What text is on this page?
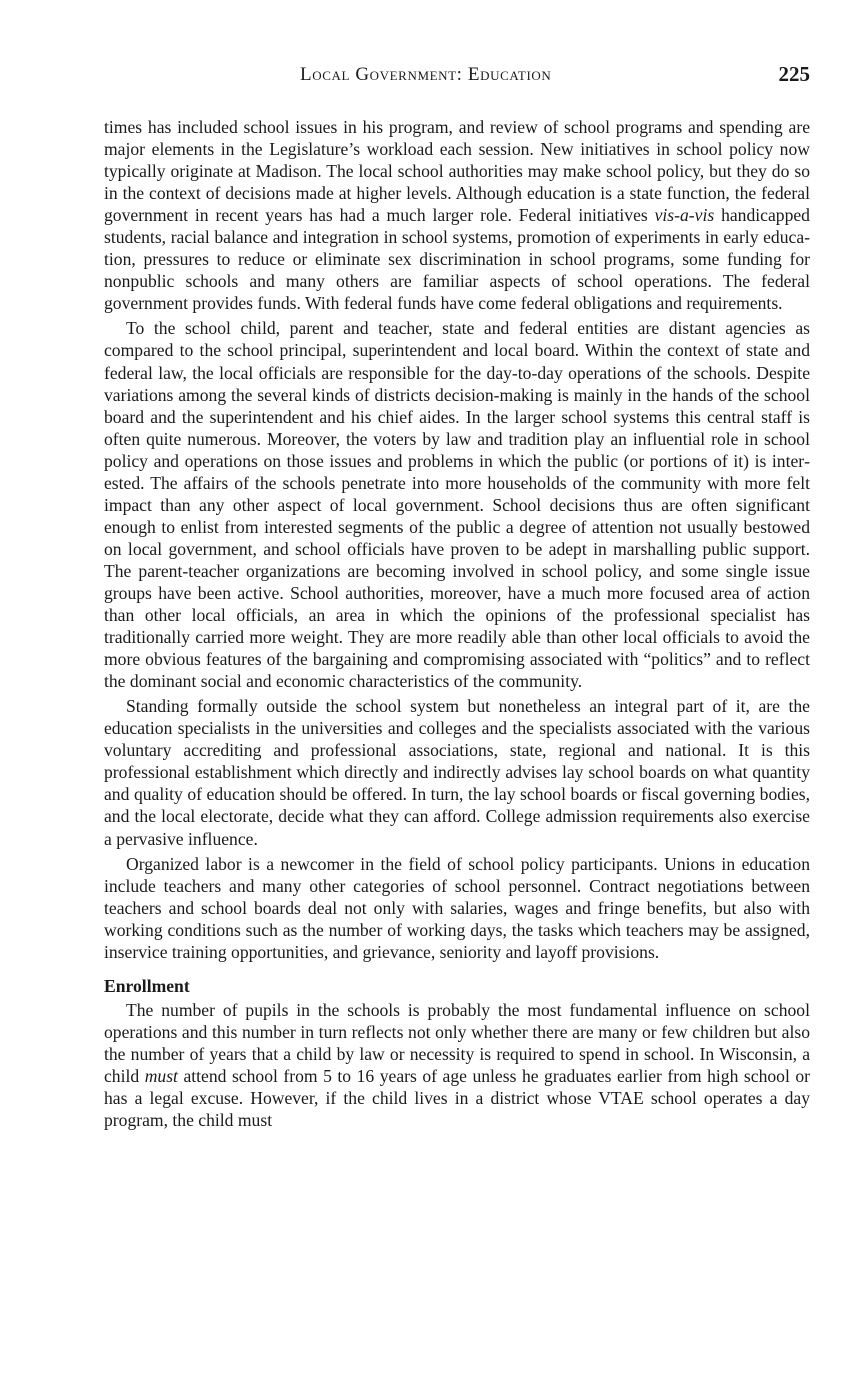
Local Government: Education	225

times has included school issues in his program, and review of school programs and spending are major elements in the Legislature’s workload each session. New initiatives in school policy now typically originate at Madison. The local school authorities may make school policy, but they do so in the context of decisions made at higher levels. Although education is a state function, the federal government in recent years has had a much larger role. Federal initiatives vis-a-vis handicapped students, racial balance and integration in school systems, promotion of experiments in early education, pressures to reduce or eliminate sex discrimination in school programs, some funding for nonpublic schools and many others are familiar aspects of school operations. The federal government provides funds. With federal funds have come federal obligations and requirements.

To the school child, parent and teacher, state and federal entities are distant agencies as compared to the school principal, superintendent and local board. Within the context of state and federal law, the local officials are responsible for the day-to-day operations of the schools. Despite variations among the several kinds of districts decision-making is mainly in the hands of the school board and the superintendent and his chief aides. In the larger school systems this central staff is often quite numerous. Moreover, the voters by law and tradition play an influential role in school policy and operations on those issues and problems in which the public (or portions of it) is interested. The affairs of the schools penetrate into more households of the community with more felt impact than any other aspect of local government. School decisions thus are often significant enough to enlist from interested segments of the public a degree of attention not usually bestowed on local government, and school officials have proven to be adept in marshalling public support. The parent-teacher organizations are becoming involved in school policy, and some single issue groups have been active. School authorities, moreover, have a much more focused area of action than other local officials, an area in which the opinions of the professional specialist has traditionally carried more weight. They are more readily able than other local officials to avoid the more obvious features of the bargaining and compromising associated with “politics” and to reflect the dominant social and economic characteristics of the community.

Standing formally outside the school system but nonetheless an integral part of it, are the education specialists in the universities and colleges and the specialists associated with the various voluntary accrediting and professional associations, state, regional and national. It is this professional establishment which directly and indirectly advises lay school boards on what quantity and quality of education should be offered. In turn, the lay school boards or fiscal governing bodies, and the local electorate, decide what they can afford. College admission requirements also exercise a pervasive influence.

Organized labor is a newcomer in the field of school policy participants. Unions in education include teachers and many other categories of school personnel. Contract negotiations between teachers and school boards deal not only with salaries, wages and fringe benefits, but also with working conditions such as the number of working days, the tasks which teachers may be assigned, inservice training opportunities, and grievance, seniority and layoff provisions.

Enrollment

The number of pupils in the schools is probably the most fundamental influence on school operations and this number in turn reflects not only whether there are many or few children but also the number of years that a child by law or necessity is required to spend in school. In Wisconsin, a child must attend school from 5 to 16 years of age unless he graduates earlier from high school or has a legal excuse. However, if the child lives in a district whose VTAE school operates a day program, the child must
